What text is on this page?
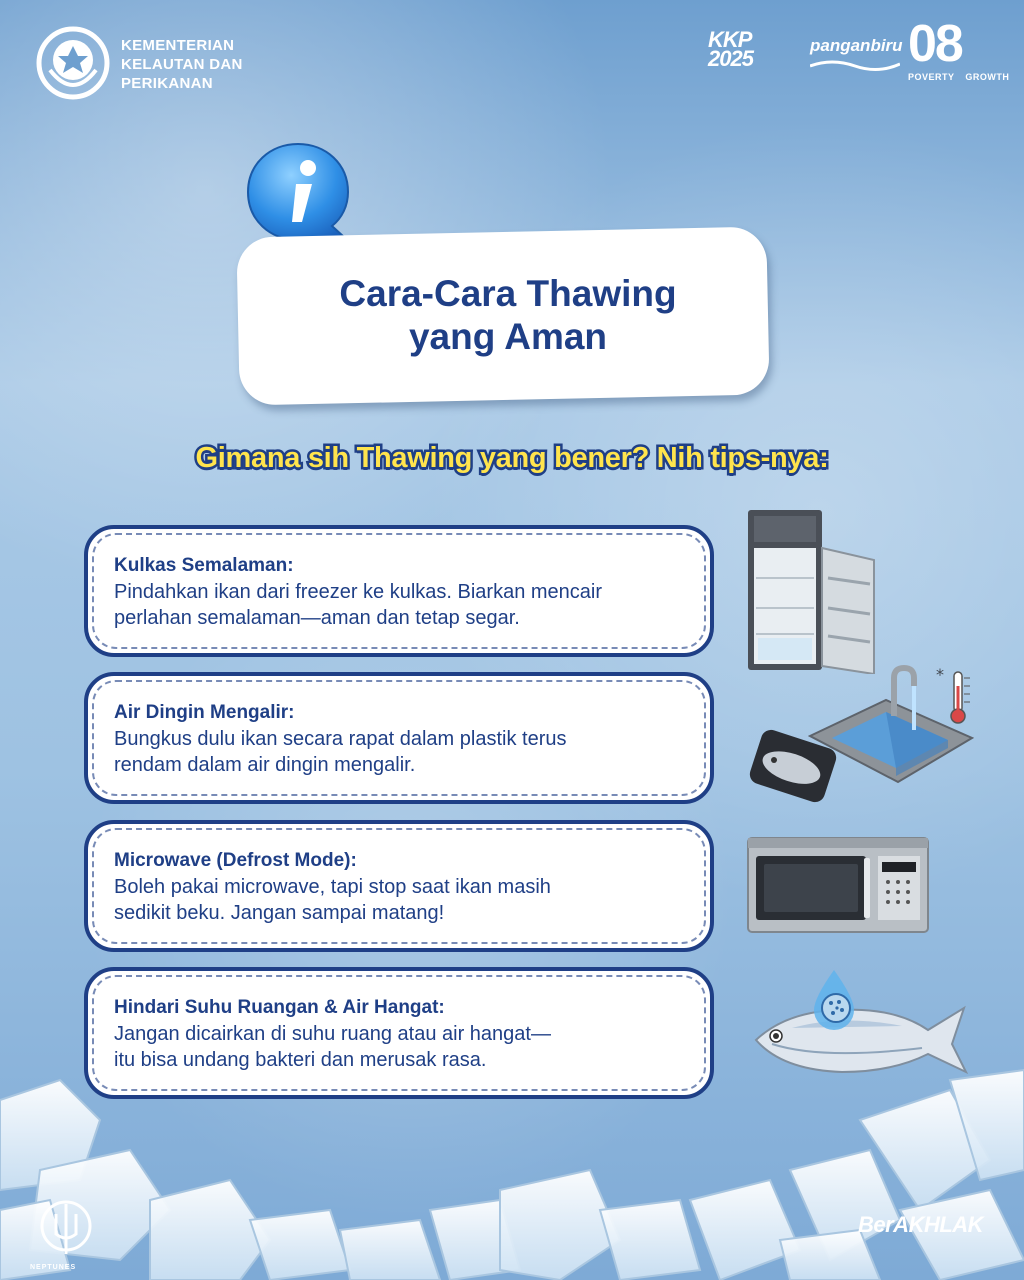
KEMENTERIAN
KELAUTAN DAN
PERIKANAN
KKP
2025
panganbiru 08
POVERTY GROWTH
Cara-Cara Thawing
yang Aman
Gimana sih Thawing yang bener? Nih tips-nya:
Kulkas Semalaman:
Pindahkan ikan dari freezer ke kulkas. Biarkan mencair
perlahan semalaman—aman dan tetap segar.
Air Dingin Mengalir:
Bungkus dulu ikan secara rapat dalam plastik terus
rendam dalam air dingin mengalir.
Microwave (Defrost Mode):
Boleh pakai microwave, tapi stop saat ikan masih
sedikit beku. Jangan sampai matang!
Hindari Suhu Ruangan & Air Hangat:
Jangan dicairkan di suhu ruang atau air hangat—
itu bisa undang bakteri dan merusak rasa.
*
NEPTUNES
BerAKHLAK
